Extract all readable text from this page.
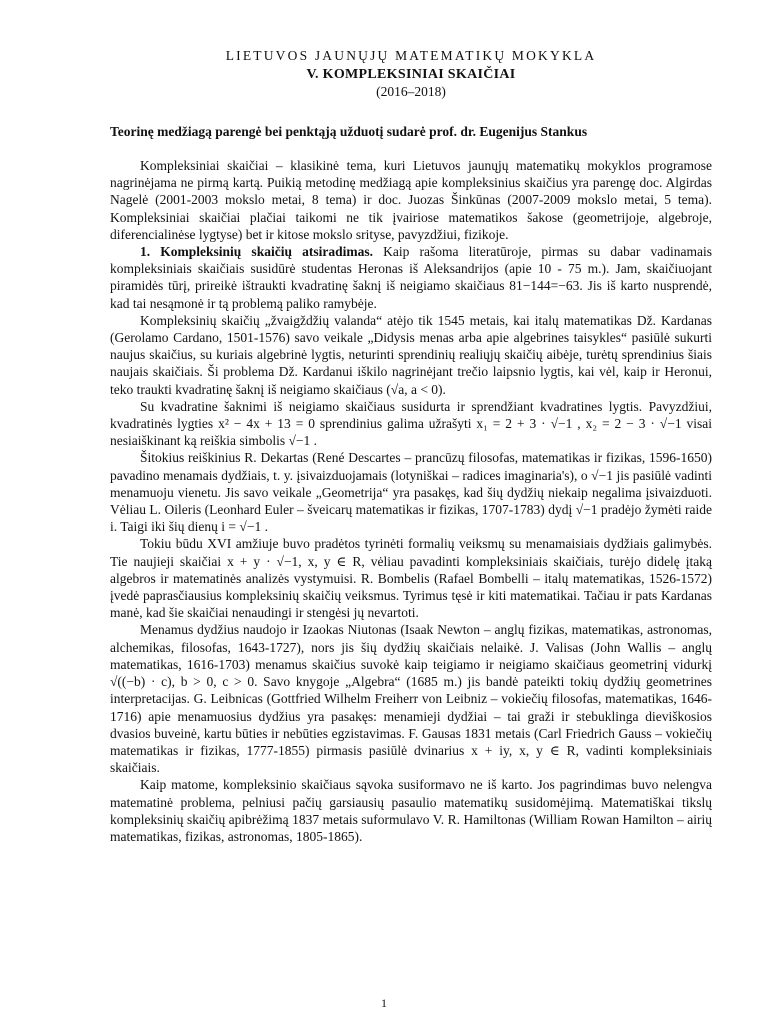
LIETUVOS JAUNŲJŲ MATEMATIKŲ MOKYKLA
V. KOMPLEKSINIAI SKAIČIAI
(2016–2018)
Teorinę medžiagą parengė bei penktąją užduotį sudarė prof. dr. Eugenijus Stankus

Kompleksiniai skaičiai – klasikinė tema, kuri Lietuvos jaunųjų matematikų mokyklos programose nagrinėjama ne pirmą kartą. Puikią metodinę medžiagą apie kompleksinius skaičius yra parengę doc. Algirdas Nagelė (2001-2003 mokslo metai, 8 tema) ir doc. Juozas Šinkūnas (2007-2009 mokslo metai, 5 tema). Kompleksiniai skaičiai plačiai taikomi ne tik įvairiose matematikos šakose (geometrijoje, algebroje, diferencialinėse lygtyse) bet ir kitose mokslo srityse, pavyzdžiui, fizikoje.

1. Kompleksinių skaičių atsiradimas. Kaip rašoma literatūroje, pirmas su dabar vadinamais kompleksiniais skaičiais susidūrė studentas Heronas iš Aleksandrijos (apie 10 - 75 m.). Jam, skaičiuojant piramidės tūrį, prireikė ištraukti kvadratinę šaknį iš neigiamo skaičiaus 81−144=−63. Jis iš karto nusprendė, kad tai nesąmonė ir tą problemą paliko ramybėje.

Kompleksinių skaičių „žvaigždžių valanda“ atėjo tik 1545 metais, kai italų matematikas Dž. Kardanas (Gerolamo Cardano, 1501-1576) savo veikale „Didysis menas arba apie algebrines taisykles“ pasiūlė sukurti naujus skaičius, su kuriais algebrinė lygtis, neturinti sprendinių realiųjų skaičių aibėje, turėtų sprendinius šiais naujais skaičiais. Ši problema Dž. Kardanui iškilo nagrinėjant trečio laipsnio lygtis, kai vėl, kaip ir Heronui, teko traukti kvadratinę šaknį iš neigiamo skaičiaus (√a, a < 0).

Su kvadratine šaknimi iš neigiamo skaičiaus susidurta ir sprendžiant kvadratines lygtis. Pavyzdžiui, kvadratinės lygties x² − 4x + 13 = 0 sprendinius galima užrašyti x₁ = 2 + 3 · √−1 , x₂ = 2 − 3 · √−1 visai nesiaiškinant ką reiškia simbolis √−1 .

Šitokius reiškinius R. Dekartas (René Descartes – prancūzų filosofas, matematikas ir fizikas, 1596-1650) pavadino menamais dydžiais, t. y. įsivaizduojamais (lotyniškai – radices imaginaria's), o √−1 jis pasiūlė vadinti menamuoju vienetu. Jis savo veikale „Geometrija“ yra pasakęs, kad šių dydžių niekaip negalima įsivaizduoti. Vėliau L. Oileris (Leonhard Euler – šveicarų matematikas ir fizikas, 1707-1783) dydį √−1 pradėjo žymėti raide i. Taigi iki šių dienų i = √−1 .

Tokiu būdu XVI amžiuje buvo pradėtos tyrinėti formalių veiksmų su menamaisiais dydžiais galimybės. Tie naujieji skaičiai x + y · √−1, x, y ∈ R, vėliau pavadinti kompleksiniais skaičiais, turėjo didelę įtaką algebros ir matematinės analizės vystymuisi. R. Bombelis (Rafael Bombelli – italų matematikas, 1526-1572) įvedė paprasčiausius kompleksinių skaičių veiksmus. Tyrimus tęsė ir kiti matematikai. Tačiau ir pats Kardanas manė, kad šie skaičiai nenaudingi ir stengėsi jų nevartoti.

Menamus dydžius naudojo ir Izaokas Niutonas (Isaak Newton – anglų fizikas, matematikas, astronomas, alchemikas, filosofas, 1643-1727), nors jis šių dydžių skaičiais nelaikė. J. Valisas (John Wallis – anglų matematikas, 1616-1703) menamus skaičius suvokė kaip teigiamo ir neigiamo skaičiaus geometrinį vidurkį √((−b) · c), b > 0, c > 0. Savo knygoje „Algebra“ (1685 m.) jis bandė pateikti tokių dydžių geometrines interpretacijas. G. Leibnicas (Gottfried Wilhelm Freiherr von Leibniz – vokiečių filosofas, matematikas, 1646-1716) apie menamuosius dydžius yra pasakęs: menamieji dydžiai – tai graži ir stebuklinga dieviškosios dvasios buveinė, kartu būties ir nebūties egzistavimas. F. Gausas 1831 metais (Carl Friedrich Gauss – vokiečių matematikas ir fizikas, 1777-1855) pirmasis pasiūlė dvinarius x + iy, x, y ∈ R, vadinti kompleksiniais skaičiais.

Kaip matome, kompleksinio skaičiaus sąvoka susiformavo ne iš karto. Jos pagrindimas buvo nelengva matematinė problema, pelniusi pačių garsiausių pasaulio matematikų susidomėjimą. Matematiškai tikslų kompleksinių skaičių apibrėžimą 1837 metais suformulavo V. R. Hamiltonas (William Rowan Hamilton – airių matematikas, fizikas, astronomas, 1805-1865).

1
